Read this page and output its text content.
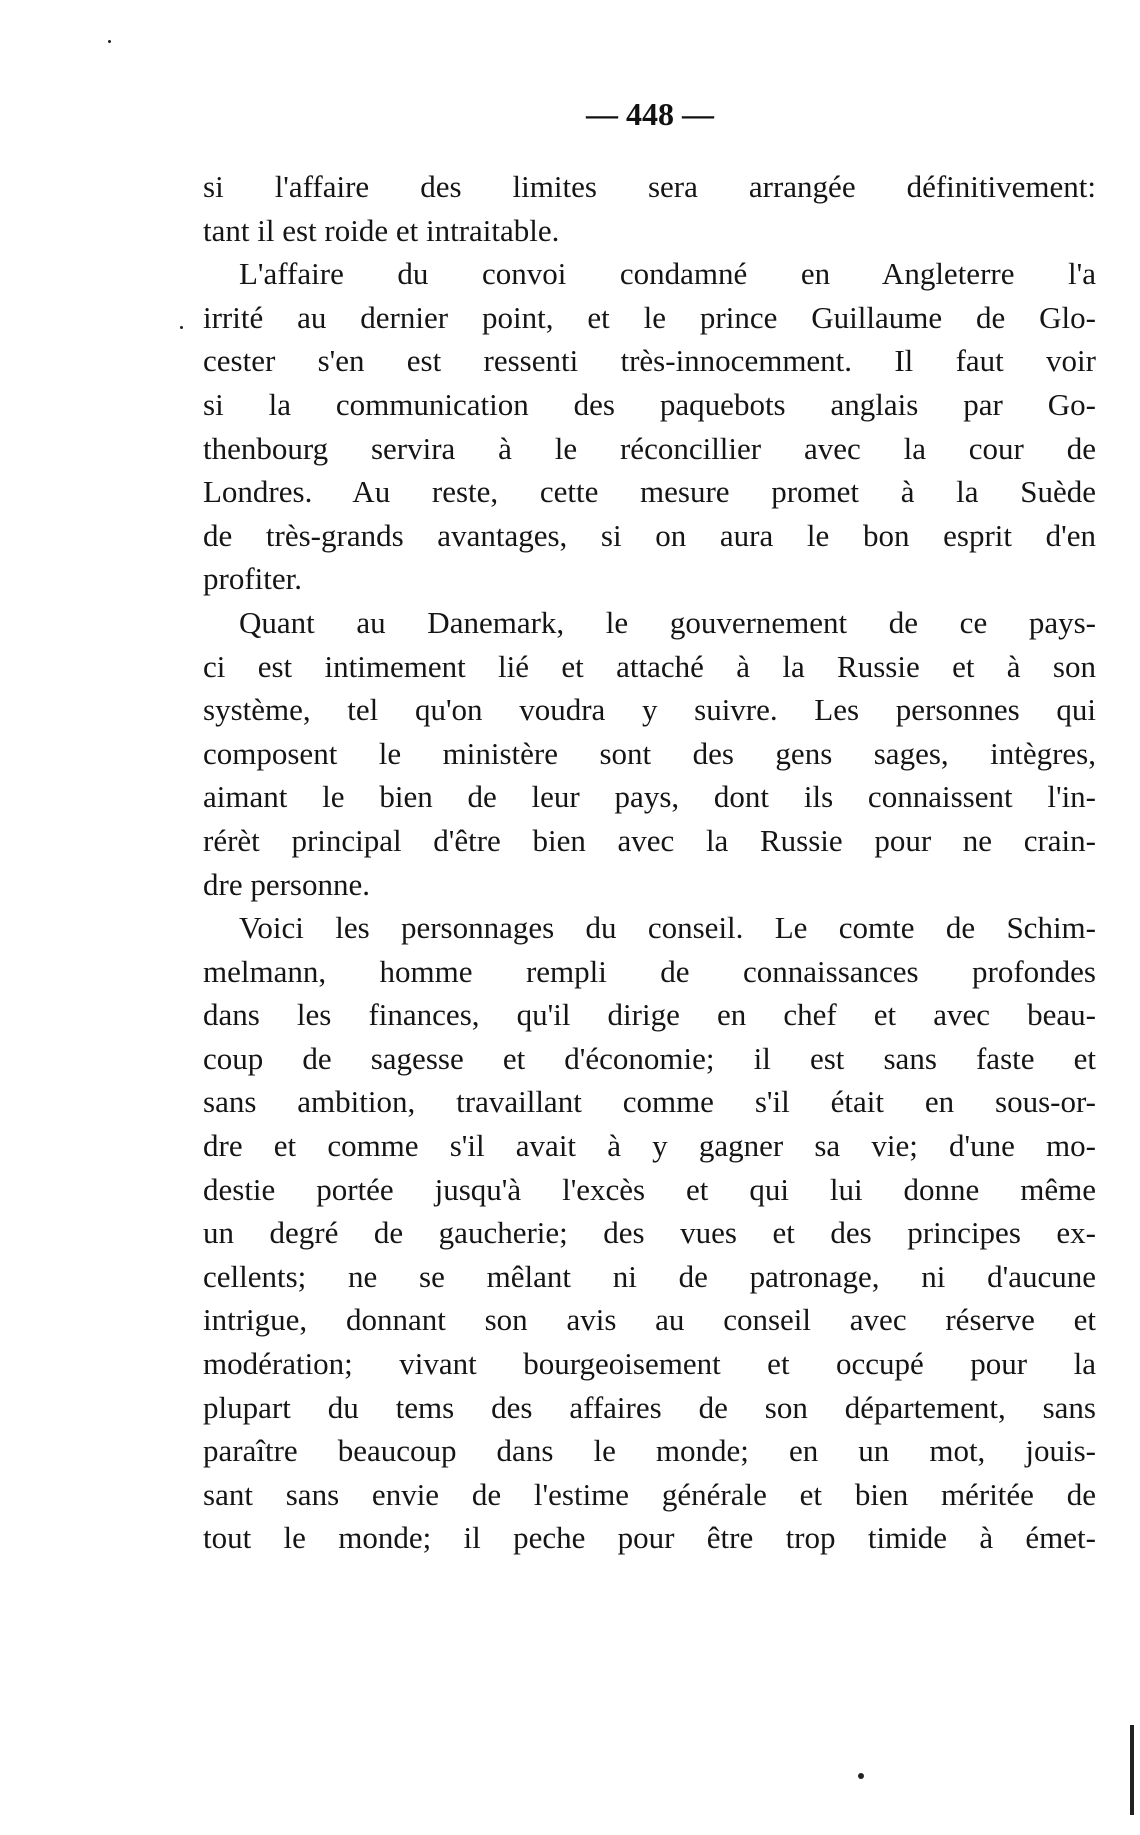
— 448 —
si l'affaire des limites sera arrangée définitivement:
tant il est roide et intraitable.
L'affaire du convoi condamné en Angleterre l'a
irrité au dernier point, et le prince Guillaume de Glo-
cester s'en est ressenti très-innocemment. Il faut voir
si la communication des paquebots anglais par Go-
thenbourg servira à le réconcillier avec la cour de
Londres. Au reste, cette mesure promet à la Suède
de très-grands avantages, si on aura le bon esprit d'en
profiter.
Quant au Danemark, le gouvernement de ce pays-
ci est intimement lié et attaché à la Russie et à son
système, tel qu'on voudra y suivre. Les personnes qui
composent le ministère sont des gens sages, intègres,
aimant le bien de leur pays, dont ils connaissent l'in-
rérèt principal d'être bien avec la Russie pour ne crain-
dre personne.
Voici les personnages du conseil. Le comte de Schim-
melmann, homme rempli de connaissances profondes
dans les finances, qu'il dirige en chef et avec beau-
coup de sagesse et d'économie; il est sans faste et
sans ambition, travaillant comme s'il était en sous-or-
dre et comme s'il avait à y gagner sa vie; d'une mo-
destie portée jusqu'à l'excès et qui lui donne même
un degré de gaucherie; des vues et des principes ex-
cellents; ne se mêlant ni de patronage, ni d'aucune
intrigue, donnant son avis au conseil avec réserve et
modération; vivant bourgeoisement et occupé pour la
plupart du tems des affaires de son département, sans
paraître beaucoup dans le monde; en un mot, jouis-
sant sans envie de l'estime générale et bien méritée de
tout le monde; il peche pour être trop timide à émet-
